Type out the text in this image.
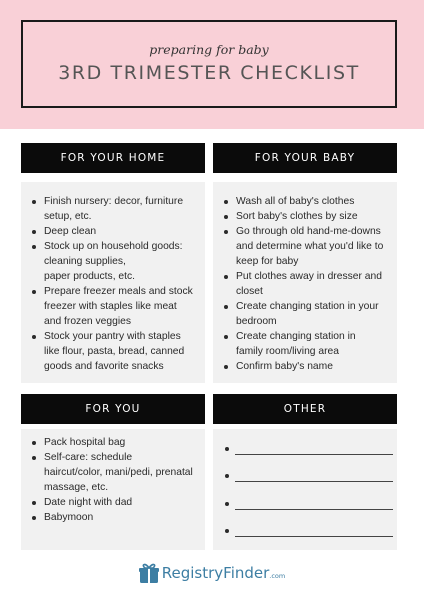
preparing for baby
3RD TRIMESTER CHECKLIST
FOR YOUR HOME
Finish nursery: decor, furniture setup, etc.
Deep clean
Stock up on household goods: cleaning supplies,
paper products, etc.
Prepare freezer meals and stock freezer with staples like meat and frozen veggies
Stock your pantry with staples like flour, pasta, bread, canned goods and favorite snacks
FOR YOUR BABY
Wash all of baby's clothes
Sort baby's clothes by size
Go through old hand-me-downs and determine what you'd like to keep for baby
Put clothes away in dresser and closet
Create changing station in your bedroom
Create changing station in family room/living area
Confirm baby's name
FOR YOU
Pack hospital bag
Self-care: schedule haircut/color, mani/pedi, prenatal massage, etc.
Date night with dad
Babymoon
OTHER
RegistryFinder.com
